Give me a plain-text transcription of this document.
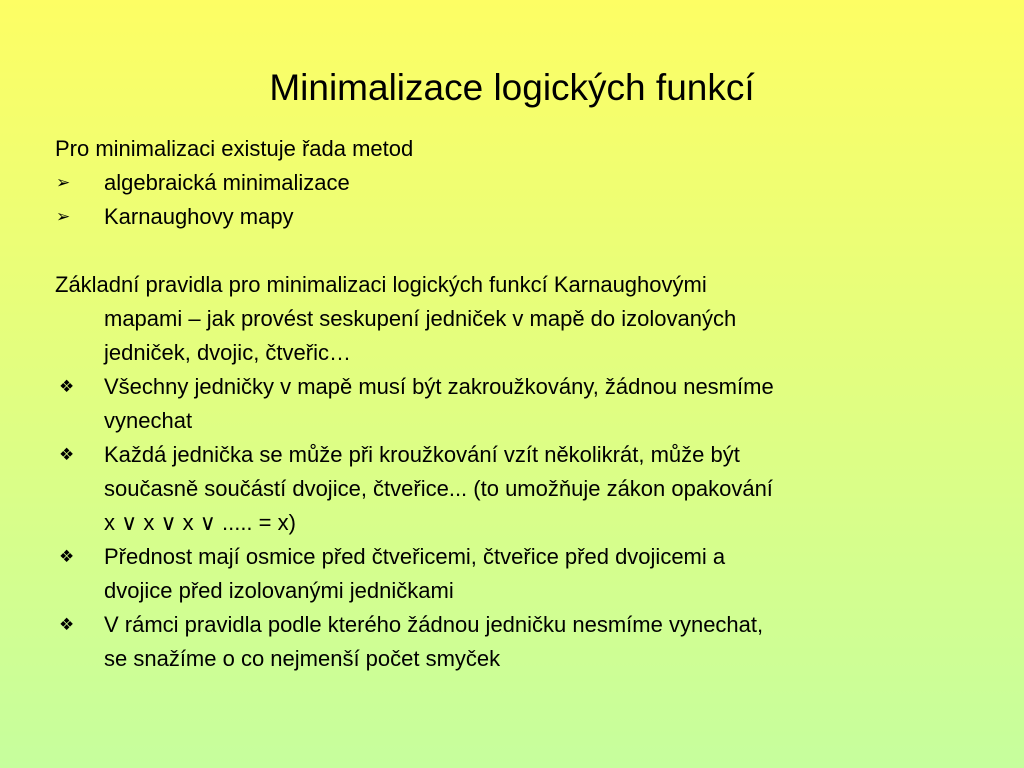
Minimalizace logických funkcí
Pro minimalizaci existuje řada metod
➢
algebraická minimalizace
➢
Karnaughovy mapy
Základní pravidla pro minimalizaci logických funkcí Karnaughovými
mapami – jak provést seskupení jedniček v mapě do izolovaných
jedniček, dvojic, čtveřic…
❖
Všechny jedničky v mapě musí být zakroužkovány, žádnou nesmíme
vynechat
❖
Každá jednička se může při kroužkování vzít několikrát, může být
současně součástí dvojice, čtveřice... (to umožňuje zákon opakování
x ∨ x ∨ x ∨ ..... = x)
❖
Přednost mají osmice před čtveřicemi, čtveřice před dvojicemi a
dvojice před izolovanými jedničkami
❖
V rámci pravidla podle kterého žádnou jedničku nesmíme vynechat,
se snažíme o co nejmenší počet smyček
